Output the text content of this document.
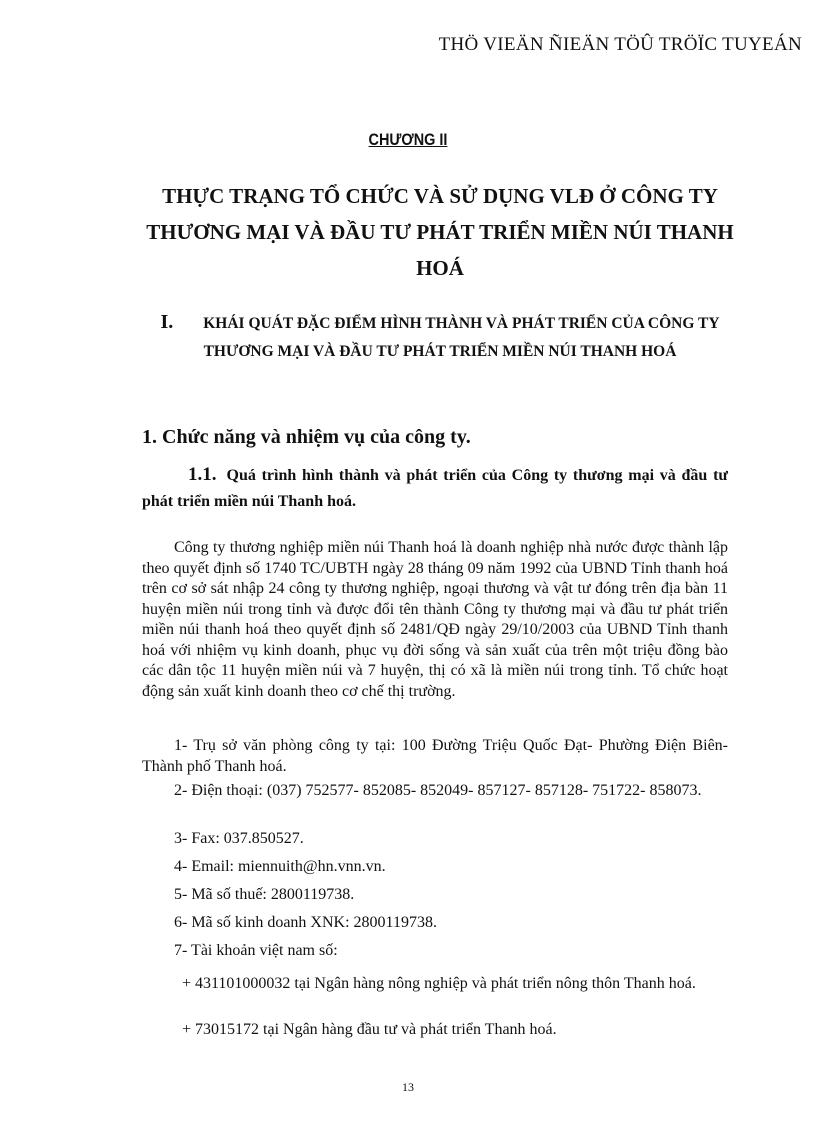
THÖ VIEÄN ÑIEÄN TÖÛ TRÖÏC TUYEÁN
CHƯƠNG II
THỰC TRẠNG TỔ CHỨC VÀ SỬ DỤNG VLĐ Ở CÔNG TY THƯƠNG MẠI VÀ ĐẦU TƯ PHÁT TRIỂN MIỀN NÚI THANH HOÁ
I. KHÁI QUÁT ĐẶC ĐIỂM HÌNH THÀNH VÀ PHÁT TRIỂN CỦA CÔNG TY THƯƠNG MẠI VÀ ĐẦU TƯ PHÁT TRIỂN MIỀN NÚI THANH HOÁ
1. Chức năng và nhiệm vụ của công ty.
1.1. Quá trình hình thành và phát triển của Công ty thương mại và đầu tư phát triển miền núi Thanh hoá.
Công ty thương nghiệp miền núi Thanh hoá là doanh nghiệp nhà nước được thành lập theo quyết định số 1740 TC/UBTH ngày 28 tháng 09 năm 1992 của UBND Tỉnh thanh hoá trên cơ sở sát nhập 24 công ty thương nghiệp, ngoại thương và vật tư đóng trên địa bàn 11 huyện miền núi trong tỉnh và được đổi tên thành Công ty thương mại và đầu tư phát triển miền núi thanh hoá theo quyết định số 2481/QĐ ngày 29/10/2003 của UBND Tỉnh thanh hoá với nhiệm vụ kinh doanh, phục vụ đời sống và sản xuất của trên một triệu đồng bào các dân tộc 11 huyện miền núi và 7 huyện, thị có xã là miền núi trong tỉnh. Tổ chức hoạt động sản xuất kinh doanh theo cơ chế thị trường.
1- Trụ sở văn phòng công ty tại: 100 Đường Triệu Quốc Đạt- Phường Điện Biên- Thành phố Thanh hoá.
2- Điện thoại: (037) 752577- 852085- 852049- 857127- 857128- 751722- 858073.
3- Fax: 037.850527.
4- Email: miennuith@hn.vnn.vn.
5- Mã số thuế: 2800119738.
6- Mã số kinh doanh XNK: 2800119738.
7- Tài khoản việt nam số:
+ 431101000032 tại Ngân hàng nông nghiệp và phát triển nông thôn Thanh hoá.
+ 73015172 tại Ngân hàng đầu tư và phát triển Thanh hoá.
13
